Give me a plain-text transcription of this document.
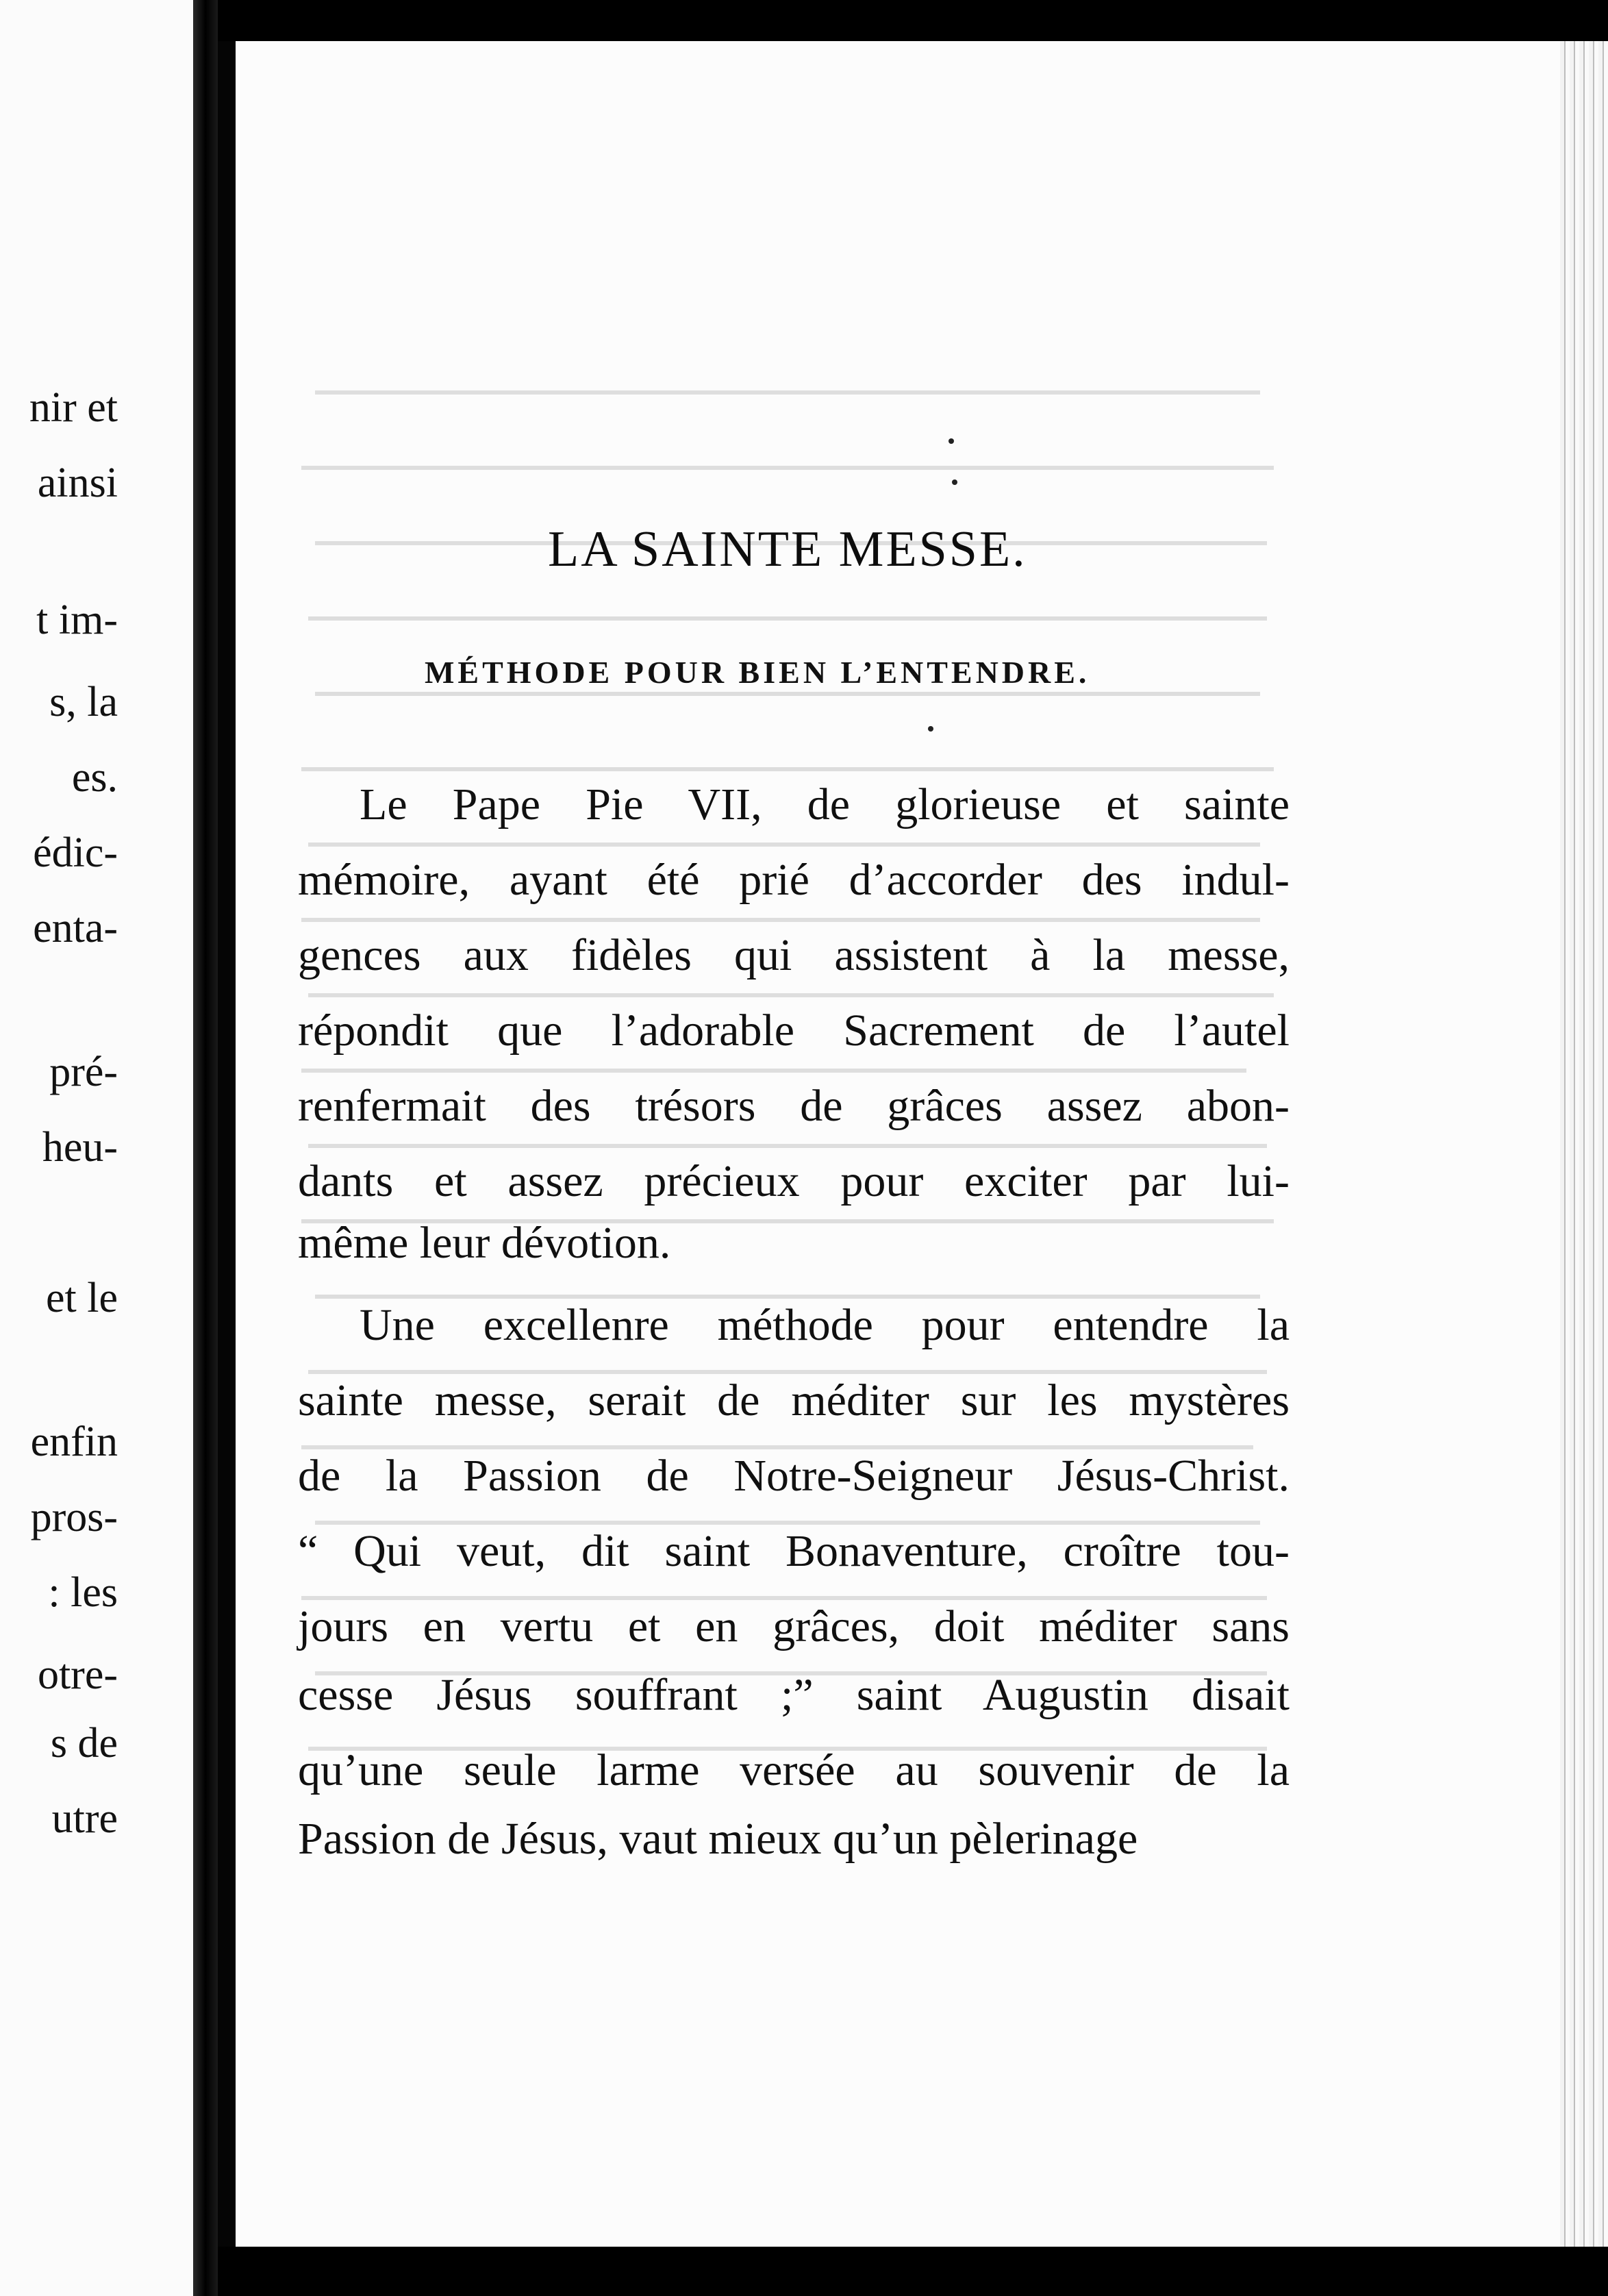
nir et
ainsi
t im-
s, la
es.
édic-
enta-
pré-
heu-
et le
enfin
pros-
: les
otre-
s de
utre
LA SAINTE MESSE.
MÉTHODE POUR BIEN L’ENTENDRE.
Le Pape Pie VII, de glorieuse et sainte
mémoire, ayant été prié d’accorder des indul-
gences aux fidèles qui assistent à la messe,
répondit que l’adorable Sacrement de l’autel
renfermait des trésors de grâces assez abon-
dants et assez précieux pour exciter par lui-
même leur dévotion.
Une excellenre méthode pour entendre la
sainte messe, serait de méditer sur les mystères
de la Passion de Notre-Seigneur Jésus-Christ.
“ Qui veut, dit saint Bonaventure, croître tou-
jours en vertu et en grâces, doit méditer sans
cesse Jésus souffrant ;” saint Augustin disait
qu’une seule larme versée au souvenir de la
Passion de Jésus, vaut mieux qu’un pèlerinage
